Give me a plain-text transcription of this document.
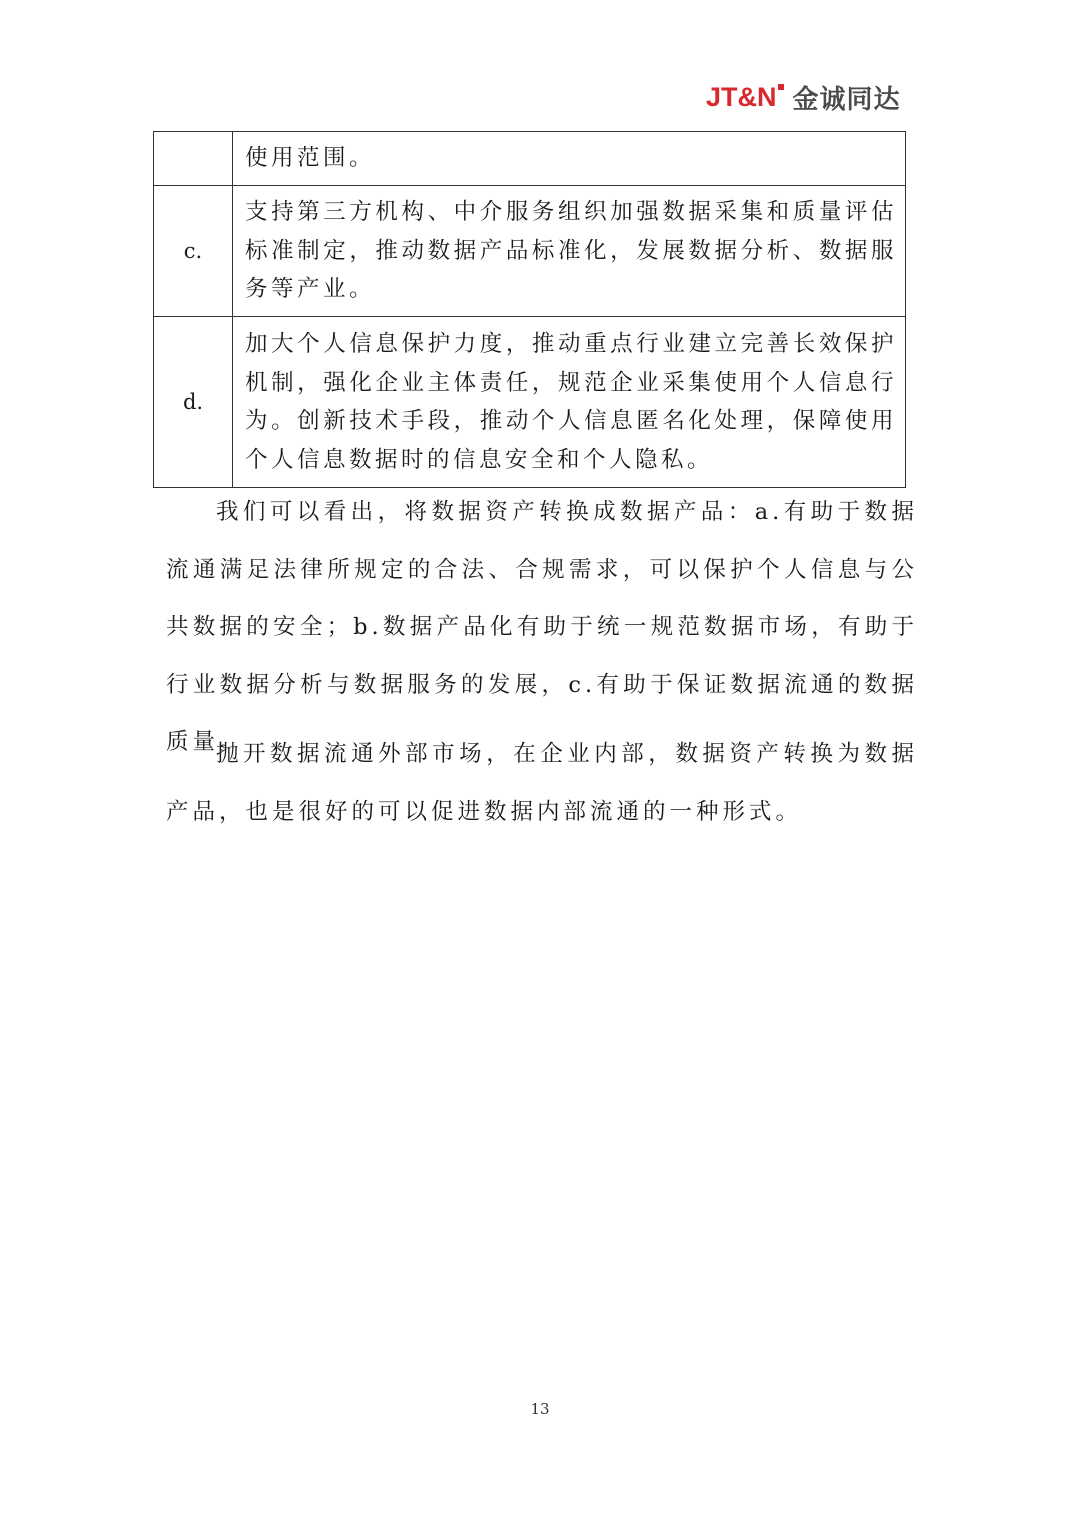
JT&N 金诚同达
	使用范围。
c.	支持第三方机构、中介服务组织加强数据采集和质量评估标准制定，推动数据产品标准化，发展数据分析、数据服务等产业。
d.	加大个人信息保护力度，推动重点行业建立完善长效保护机制，强化企业主体责任，规范企业采集使用个人信息行为。创新技术手段，推动个人信息匿名化处理，保障使用个人信息数据时的信息安全和个人隐私。

我们可以看出，将数据资产转换成数据产品：a.有助于数据流通满足法律所规定的合法、合规需求，可以保护个人信息与公共数据的安全；b.数据产品化有助于统一规范数据市场，有助于行业数据分析与数据服务的发展，c.有助于保证数据流通的数据质量。

抛开数据流通外部市场，在企业内部，数据资产转换为数据产品，也是很好的可以促进数据内部流通的一种形式。

13
